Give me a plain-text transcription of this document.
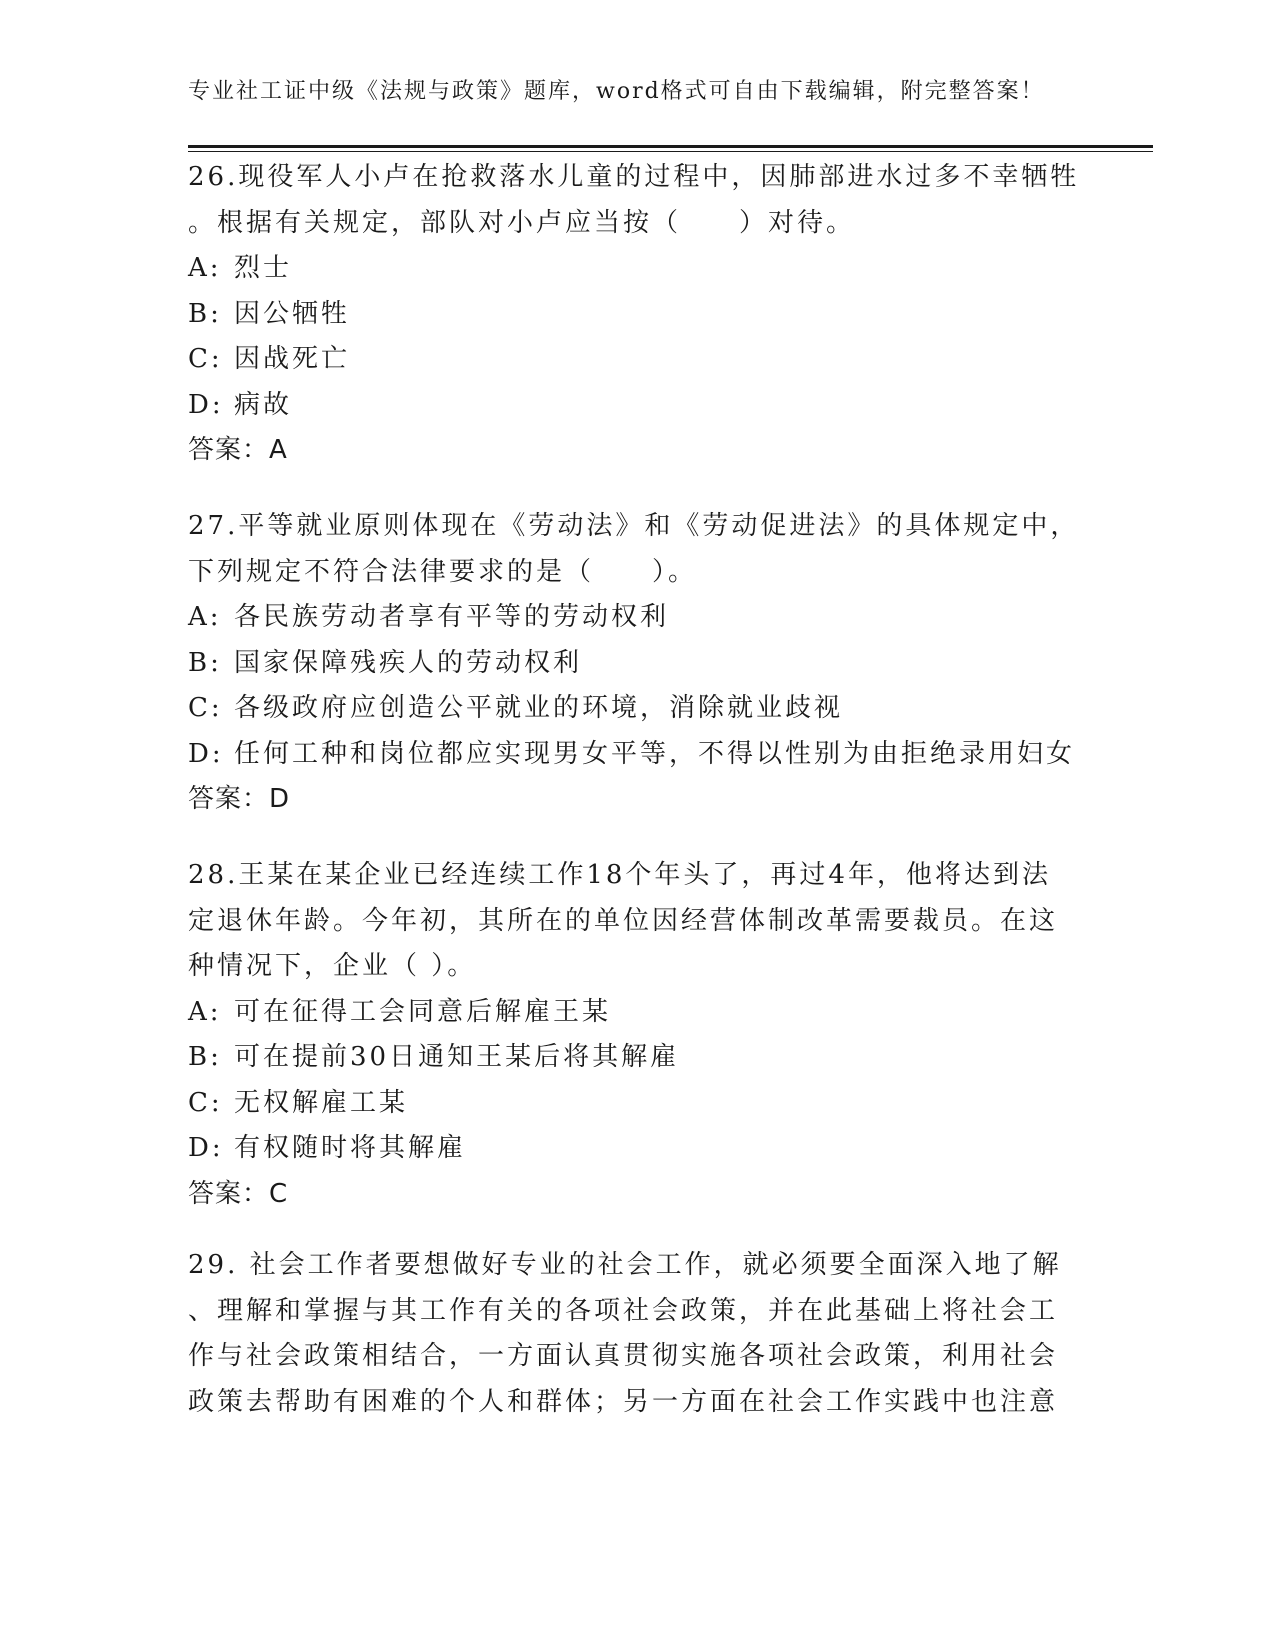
专业社工证中级《法规与政策》题库，word格式可自由下载编辑，附完整答案！
26.现役军人小卢在抢救落水儿童的过程中，因肺部进水过多不幸牺牲
。根据有关规定，部队对小卢应当按（　　）对待。
A: 烈士
B: 因公牺牲
C: 因战死亡
D: 病故
答案：A
27.平等就业原则体现在《劳动法》和《劳动促进法》的具体规定中，
下列规定不符合法律要求的是（　　）。
A: 各民族劳动者享有平等的劳动权利
B: 国家保障残疾人的劳动权利
C: 各级政府应创造公平就业的环境，消除就业歧视
D: 任何工种和岗位都应实现男女平等，不得以性别为由拒绝录用妇女
答案：D
28.王某在某企业已经连续工作18个年头了，再过4年，他将达到法
定退休年龄。今年初，其所在的单位因经营体制改革需要裁员。在这
种情况下，企业（ ）。
A: 可在征得工会同意后解雇王某
B: 可在提前30日通知王某后将其解雇
C: 无权解雇工某
D: 有权随时将其解雇
答案：C
29. 社会工作者要想做好专业的社会工作，就必须要全面深入地了解
、理解和掌握与其工作有关的各项社会政策，并在此基础上将社会工
作与社会政策相结合，一方面认真贯彻实施各项社会政策，利用社会
政策去帮助有困难的个人和群体；另一方面在社会工作实践中也注意
